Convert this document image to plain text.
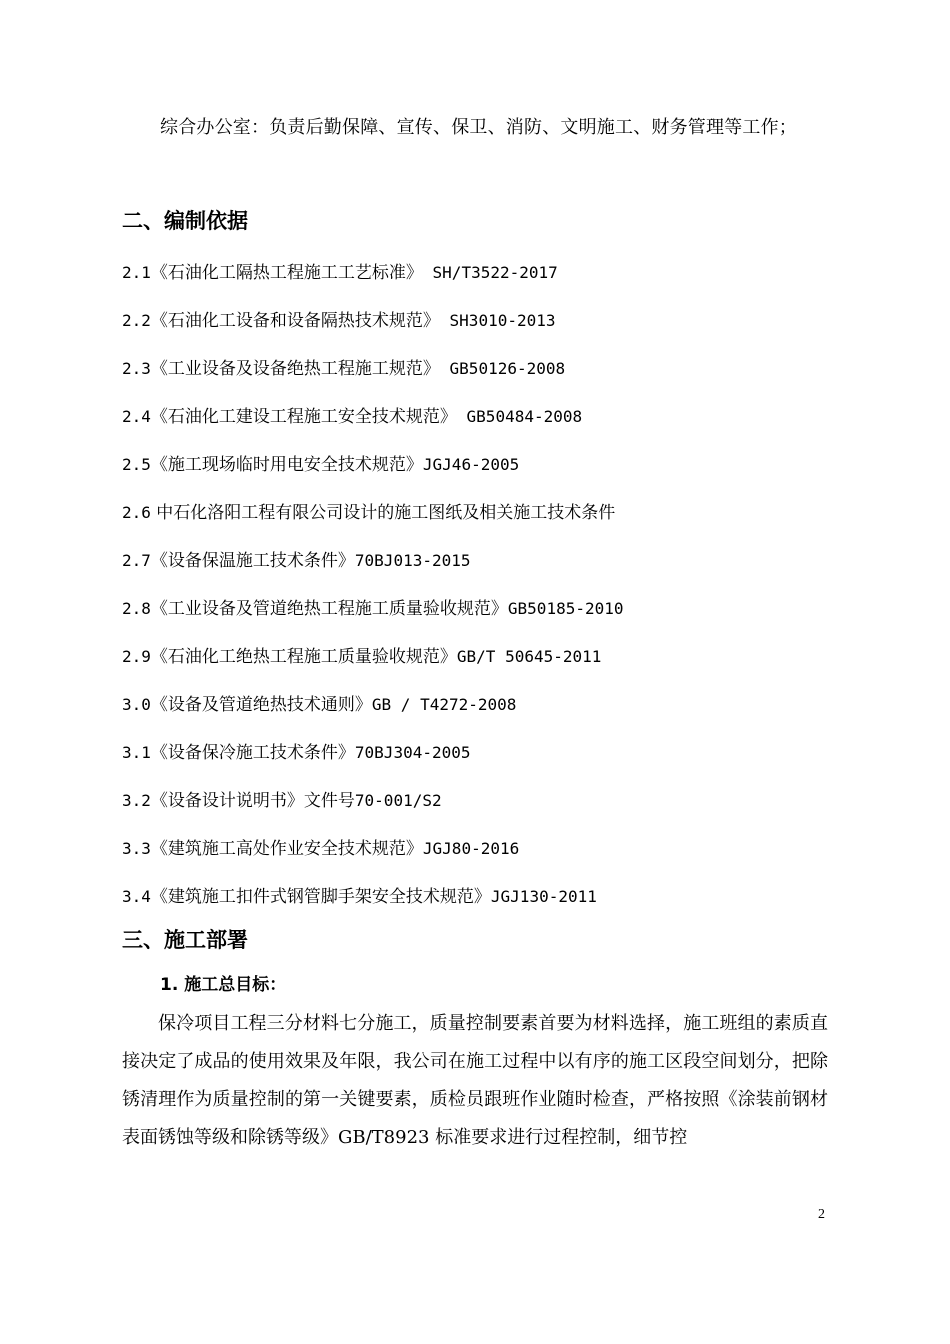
综合办公室：负责后勤保障、宣传、保卫、消防、文明施工、财务管理等工作；
二、编制依据
2.1《石油化工隔热工程施工工艺标准》 SH/T3522-2017
2.2《石油化工设备和设备隔热技术规范》 SH3010-2013
2.3《工业设备及设备绝热工程施工规范》 GB50126-2008
2.4《石油化工建设工程施工安全技术规范》 GB50484-2008
2.5《施工现场临时用电安全技术规范》JGJ46-2005
2.6 中石化洛阳工程有限公司设计的施工图纸及相关施工技术条件
2.7《设备保温施工技术条件》70BJ013-2015
2.8《工业设备及管道绝热工程施工质量验收规范》GB50185-2010
2.9《石油化工绝热工程施工质量验收规范》GB/T 50645-2011
3.0《设备及管道绝热技术通则》GB / T4272-2008
3.1《设备保冷施工技术条件》70BJ304-2005
3.2《设备设计说明书》文件号70-001/S2
3.3《建筑施工高处作业安全技术规范》JGJ80-2016
3.4《建筑施工扣件式钢管脚手架安全技术规范》JGJ130-2011
三、施工部署
1. 施工总目标：
保冷项目工程三分材料七分施工，质量控制要素首要为材料选择，施工班组的素质直接决定了成品的使用效果及年限，我公司在施工过程中以有序的施工区段空间划分，把除锈清理作为质量控制的第一关键要素，质检员跟班作业随时检查，严格按照《涂装前钢材表面锈蚀等级和除锈等级》GB/T8923 标准要求进行过程控制，细节控
2
